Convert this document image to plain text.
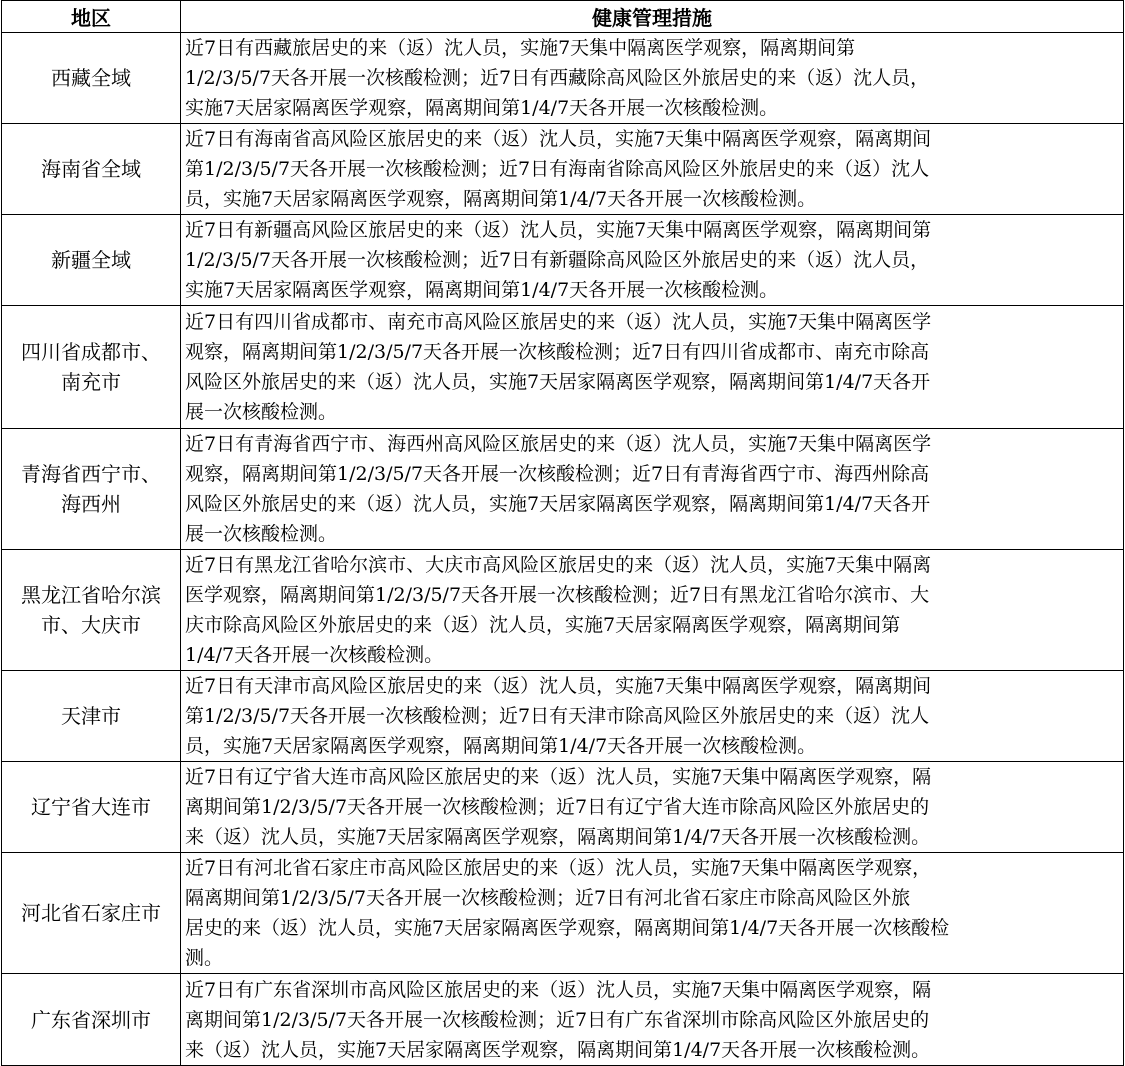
地区	健康管理措施

西藏全域	近7日有西藏旅居史的来（返）沈人员，实施7天集中隔离医学观察，隔离期间第
1/2/3/5/7天各开展一次核酸检测；近7日有西藏除高风险区外旅居史的来（返）沈人员，
实施7天居家隔离医学观察，隔离期间第1/4/7天各开展一次核酸检测。

海南省全域	近7日有海南省高风险区旅居史的来（返）沈人员，实施7天集中隔离医学观察，隔离期间
第1/2/3/5/7天各开展一次核酸检测；近7日有海南省除高风险区外旅居史的来（返）沈人
员，实施7天居家隔离医学观察，隔离期间第1/4/7天各开展一次核酸检测。

新疆全域	近7日有新疆高风险区旅居史的来（返）沈人员，实施7天集中隔离医学观察，隔离期间第
1/2/3/5/7天各开展一次核酸检测；近7日有新疆除高风险区外旅居史的来（返）沈人员，
实施7天居家隔离医学观察，隔离期间第1/4/7天各开展一次核酸检测。

四川省成都市、
南充市	近7日有四川省成都市、南充市高风险区旅居史的来（返）沈人员，实施7天集中隔离医学
观察，隔离期间第1/2/3/5/7天各开展一次核酸检测；近7日有四川省成都市、南充市除高
风险区外旅居史的来（返）沈人员，实施7天居家隔离医学观察，隔离期间第1/4/7天各开
展一次核酸检测。

青海省西宁市、
海西州	近7日有青海省西宁市、海西州高风险区旅居史的来（返）沈人员，实施7天集中隔离医学
观察，隔离期间第1/2/3/5/7天各开展一次核酸检测；近7日有青海省西宁市、海西州除高
风险区外旅居史的来（返）沈人员，实施7天居家隔离医学观察，隔离期间第1/4/7天各开
展一次核酸检测。

黑龙江省哈尔滨
市、大庆市	近7日有黑龙江省哈尔滨市、大庆市高风险区旅居史的来（返）沈人员，实施7天集中隔离
医学观察，隔离期间第1/2/3/5/7天各开展一次核酸检测；近7日有黑龙江省哈尔滨市、大
庆市除高风险区外旅居史的来（返）沈人员，实施7天居家隔离医学观察，隔离期间第
1/4/7天各开展一次核酸检测。

天津市	近7日有天津市高风险区旅居史的来（返）沈人员，实施7天集中隔离医学观察，隔离期间
第1/2/3/5/7天各开展一次核酸检测；近7日有天津市除高风险区外旅居史的来（返）沈人
员，实施7天居家隔离医学观察，隔离期间第1/4/7天各开展一次核酸检测。

辽宁省大连市	近7日有辽宁省大连市高风险区旅居史的来（返）沈人员，实施7天集中隔离医学观察，隔
离期间第1/2/3/5/7天各开展一次核酸检测；近7日有辽宁省大连市除高风险区外旅居史的
来（返）沈人员，实施7天居家隔离医学观察，隔离期间第1/4/7天各开展一次核酸检测。

河北省石家庄市	近7日有河北省石家庄市高风险区旅居史的来（返）沈人员，实施7天集中隔离医学观察，
隔离期间第1/2/3/5/7天各开展一次核酸检测；近7日有河北省石家庄市除高风险区外旅
居史的来（返）沈人员，实施7天居家隔离医学观察，隔离期间第1/4/7天各开展一次核酸检
测。

广东省深圳市	近7日有广东省深圳市高风险区旅居史的来（返）沈人员，实施7天集中隔离医学观察，隔
离期间第1/2/3/5/7天各开展一次核酸检测；近7日有广东省深圳市除高风险区外旅居史的
来（返）沈人员，实施7天居家隔离医学观察，隔离期间第1/4/7天各开展一次核酸检测。
